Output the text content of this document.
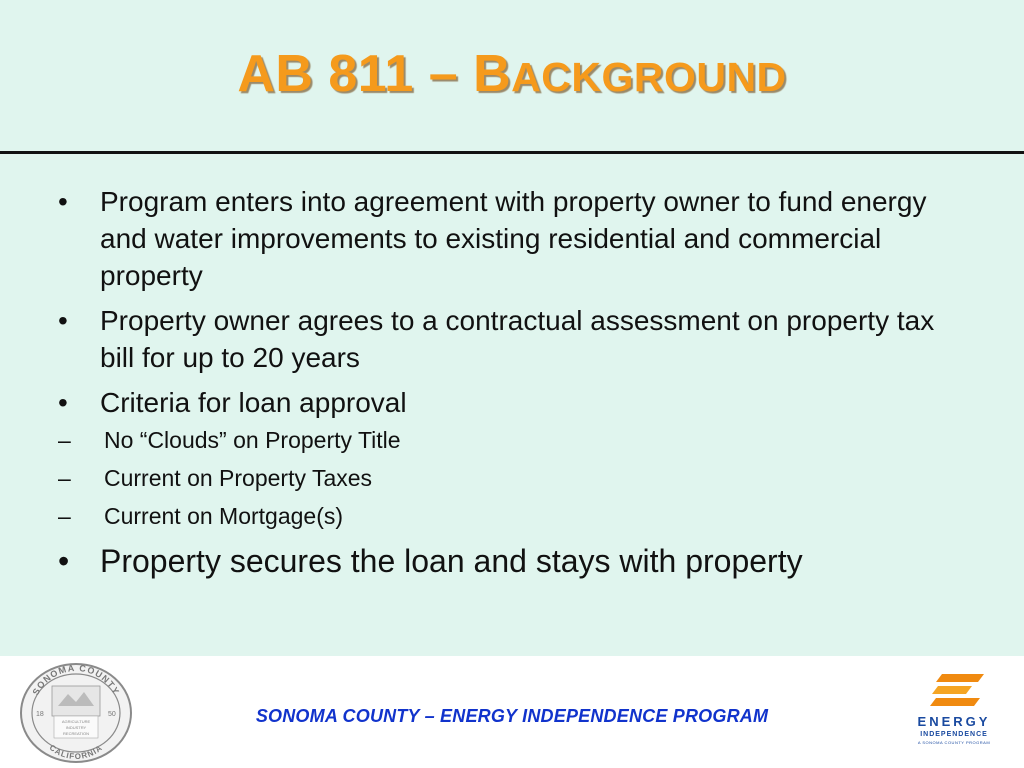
AB 811 – BACKGROUND
•	Program enters into agreement with property owner to fund energy and water improvements to existing residential and commercial property
•	Property owner agrees to a contractual assessment on property tax bill for up to 20 years
•	Criteria for loan approval
–	No “Clouds” on Property Title
–	Current on Property Taxes
–	Current on Mortgage(s)
• Property secures the loan and stays with property
SONOMA COUNTY
CALIFORNIA
18	50
AGRICULTURE
INDUSTRY
RECREATION
SONOMA COUNTY – ENERGY INDEPENDENCE PROGRAM	ENERGY
INDEPENDENCE
A SONOMA COUNTY PROGRAM
